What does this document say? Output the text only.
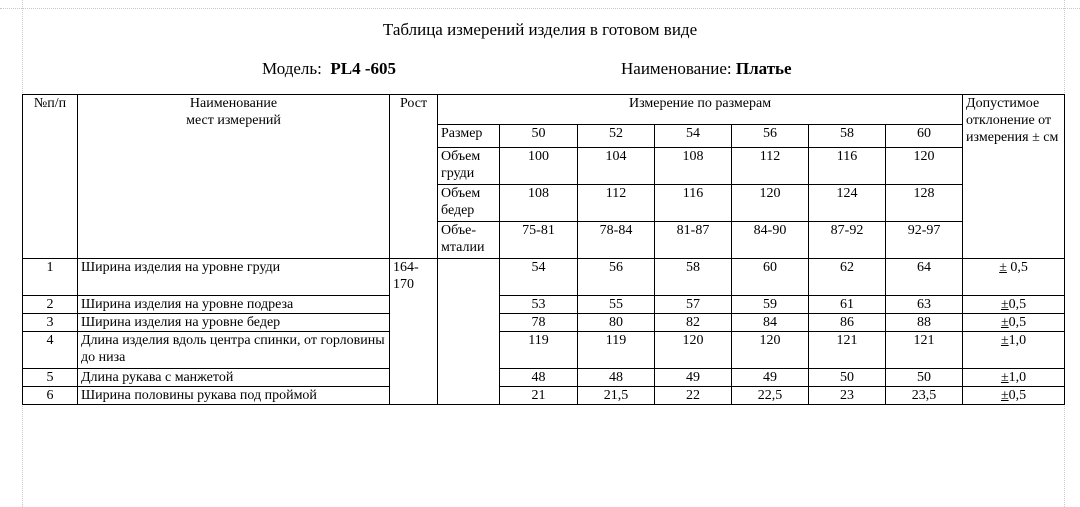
Таблица измерений изделия в готовом виде
Модель: PL4 -605	Наименование: Платье
№п/п	Наименование
мест измерений	Рост	Измерение по размерам							Допустимое отклонение от измерения ± см
			Размер	50	52	54	56	58	60	
			Объем груди	100	104	108	112	116	120	
			Объем бедер	108	112	116	120	124	128	
			Объе-мталии	75-81	78-84	81-87	84-90	87-92	92-97	
1	Ширина изделия на уровне груди	164-170		54	56	58	60	62	64	± 0,5
2	Ширина изделия на уровне подреза			53	55	57	59	61	63	±0,5
3	Ширина изделия на уровне бедер			78	80	82	84	86	88	±0,5
4	Длина изделия вдоль центра спинки, от горловины до низа			119	119	120	120	121	121	±1,0
5	Длина рукава с манжетой			48	48	49	49	50	50	±1,0
6	Ширина половины рукава под проймой			21	21,5	22	22,5	23	23,5	±0,5
